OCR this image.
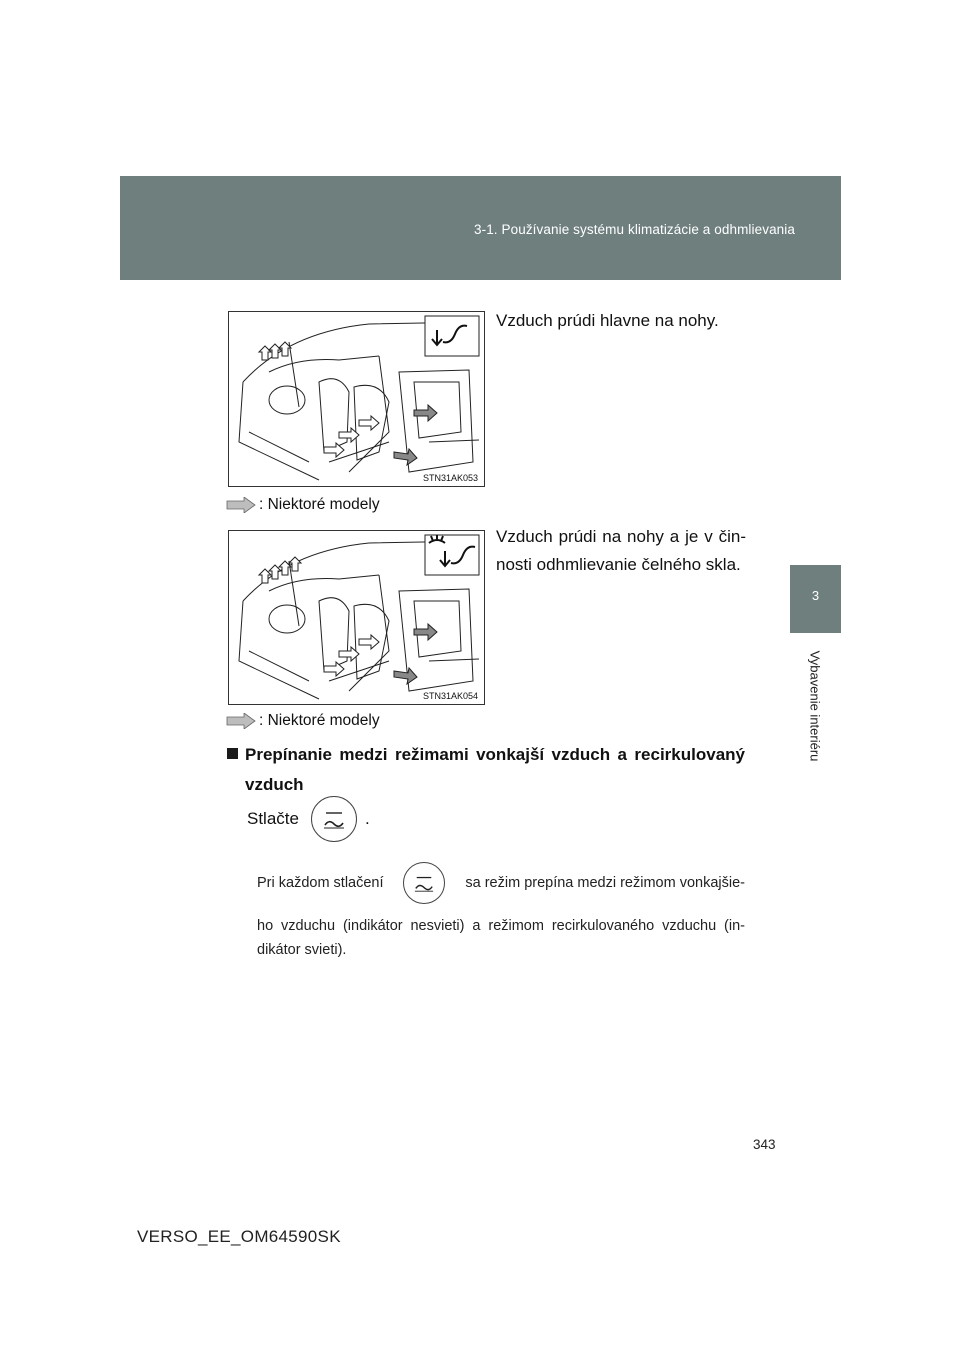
3-1. Používanie systému klimatizácie a odhmlievania
3
Vybavenie interiéru
STN31AK053
Vzduch prúdi hlavne na nohy.
: Niektoré modely
STN31AK054
Vzduch prúdi na nohy a je v čin-
nosti odhmlievanie čelného skla.
: Niektoré modely
Prepínanie medzi režimami vonkajší vzduch a recirkulovaný
vzduch
Stlačte	.
Pri každom stlačení	sa režim prepína medzi režimom vonkajšie-
ho vzduchu (indikátor nesvieti) a režimom recirkulovaného vzduchu (in-
dikátor svieti).
343
VERSO_EE_OM64590SK
